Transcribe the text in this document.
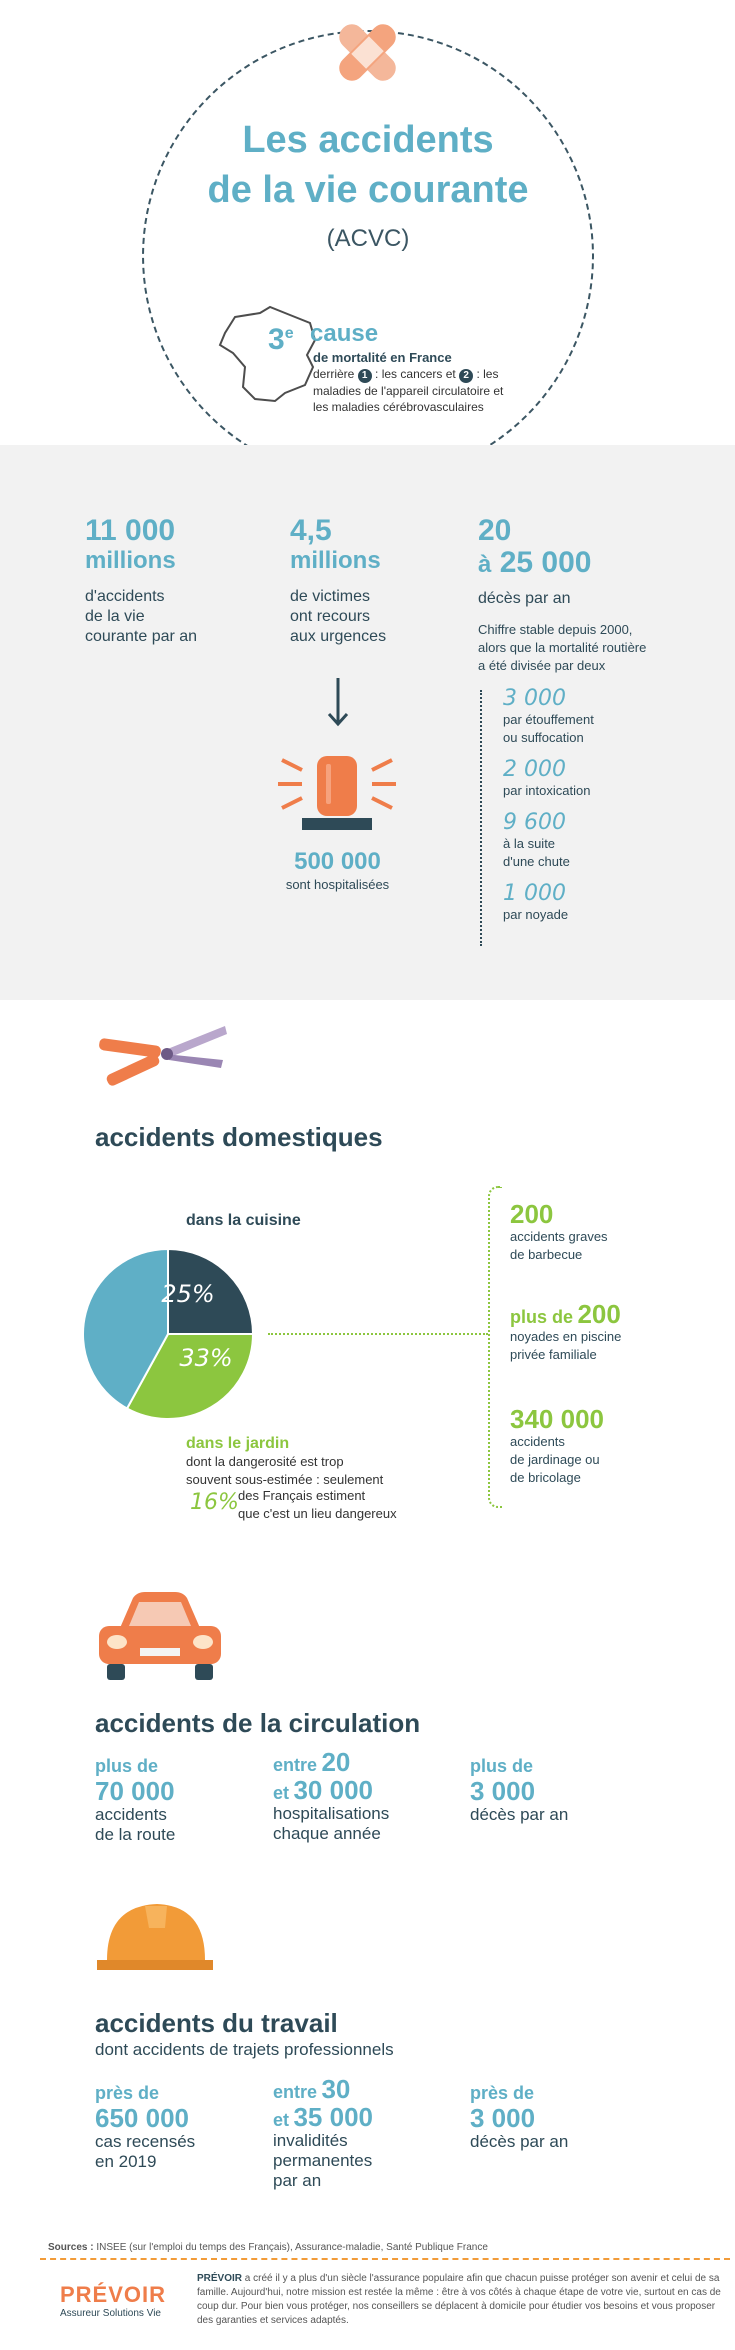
Les accidents
de la vie courante
(ACVC)
3e cause
de mortalité en France
derrière 1 : les cancers et 2 : les maladies de l'appareil circulatoire et les maladies cérébrovasculaires
11 000
millions
d'accidents
de la vie
courante par an
4,5
millions
de victimes
ont recours
aux urgences
500 000
sont hospitalisées
20
à 25 000
décès par an
Chiffre stable depuis 2000,
alors que la mortalité routière
a été divisée par deux
3 000
par étouffement
ou suffocation
2 000
par intoxication
9 600
à la suite
d'une chute
1 000
par noyade
accidents domestiques
dans la cuisine
25%
33%
dans le jardin
dont la dangerosité est trop
souvent sous-estimée : seulement
16% des Français estiment
que c'est un lieu dangereux
200
accidents graves
de barbecue
plus de 200
noyades en piscine
privée familiale
340 000
accidents
de jardinage ou
de bricolage
accidents de la circulation
plus de
70 000
accidents
de la route
entre 20
et 30 000
hospitalisations
chaque année
plus de
3 000
décès par an
accidents du travail
dont accidents de trajets professionnels
près de
650 000
cas recensés
en 2019
entre 30
et 35 000
invalidités
permanentes
par an
près de
3 000
décès par an
Sources : INSEE (sur l'emploi du temps des Français), Assurance-maladie, Santé Publique France
PRÉVOIR
Assureur Solutions Vie
PRÉVOIR a créé il y a plus d'un siècle l'assurance populaire afin que chacun puisse protéger son avenir et celui de sa famille. Aujourd'hui, notre mission est restée la même : être à vos côtés à chaque étape de votre vie, surtout en cas de coup dur. Pour bien vous protéger, nos conseillers se déplacent à domicile pour étudier vos besoins et vous proposer des garanties et services adaptés.
